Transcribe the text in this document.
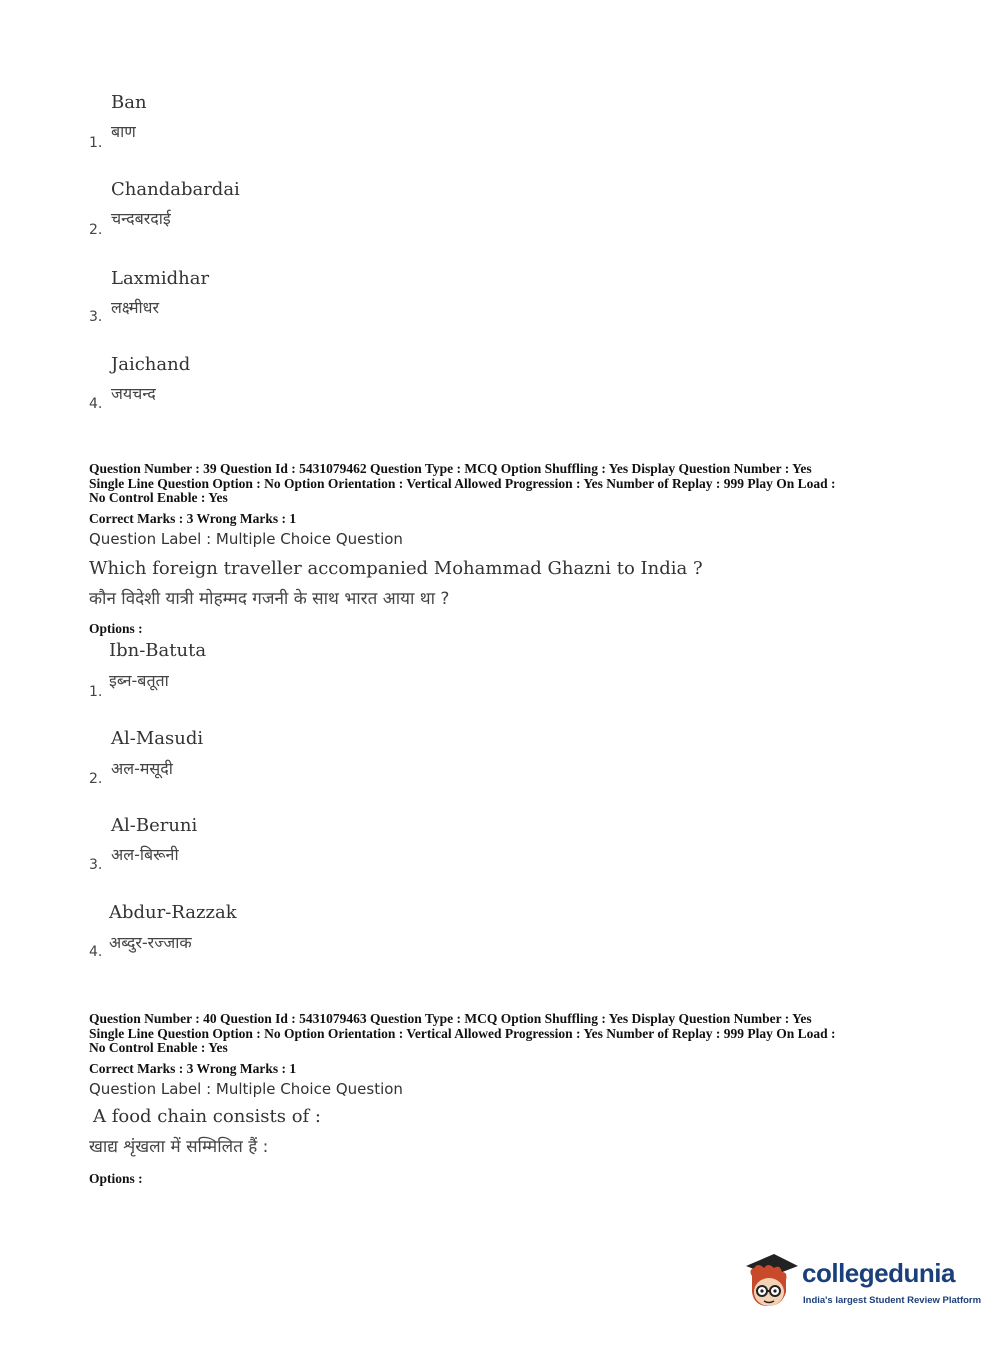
Ban
बाण
1.
Chandabardai
चन्दबरदाई
2.
Laxmidhar
लक्ष्मीधर
3.
Jaichand
जयचन्द
4.
Question Number : 39 Question Id : 5431079462 Question Type : MCQ Option Shuffling : Yes Display Question Number : Yes
Single Line Question Option : No Option Orientation : Vertical Allowed Progression : Yes Number of Replay : 999 Play On Load :
No Control Enable : Yes
Correct Marks : 3 Wrong Marks : 1
Question Label : Multiple Choice Question
Which foreign traveller accompanied Mohammad Ghazni to India ?
कौन विदेशी यात्री मोहम्मद गजनी के साथ भारत आया था ?
Options :
Ibn-Batuta
इब्न-बतूता
1.
Al-Masudi
अल-मसूदी
2.
Al-Beruni
अल-बिरूनी
3.
Abdur-Razzak
अब्दुर-रज्जाक
4.
Question Number : 40 Question Id : 5431079463 Question Type : MCQ Option Shuffling : Yes Display Question Number : Yes
Single Line Question Option : No Option Orientation : Vertical Allowed Progression : Yes Number of Replay : 999 Play On Load :
No Control Enable : Yes
Correct Marks : 3 Wrong Marks : 1
Question Label : Multiple Choice Question
A food chain consists of :
खाद्य शृंखला में सम्मिलित हैं :
Options :
collegedunia
India's largest Student Review Platform
